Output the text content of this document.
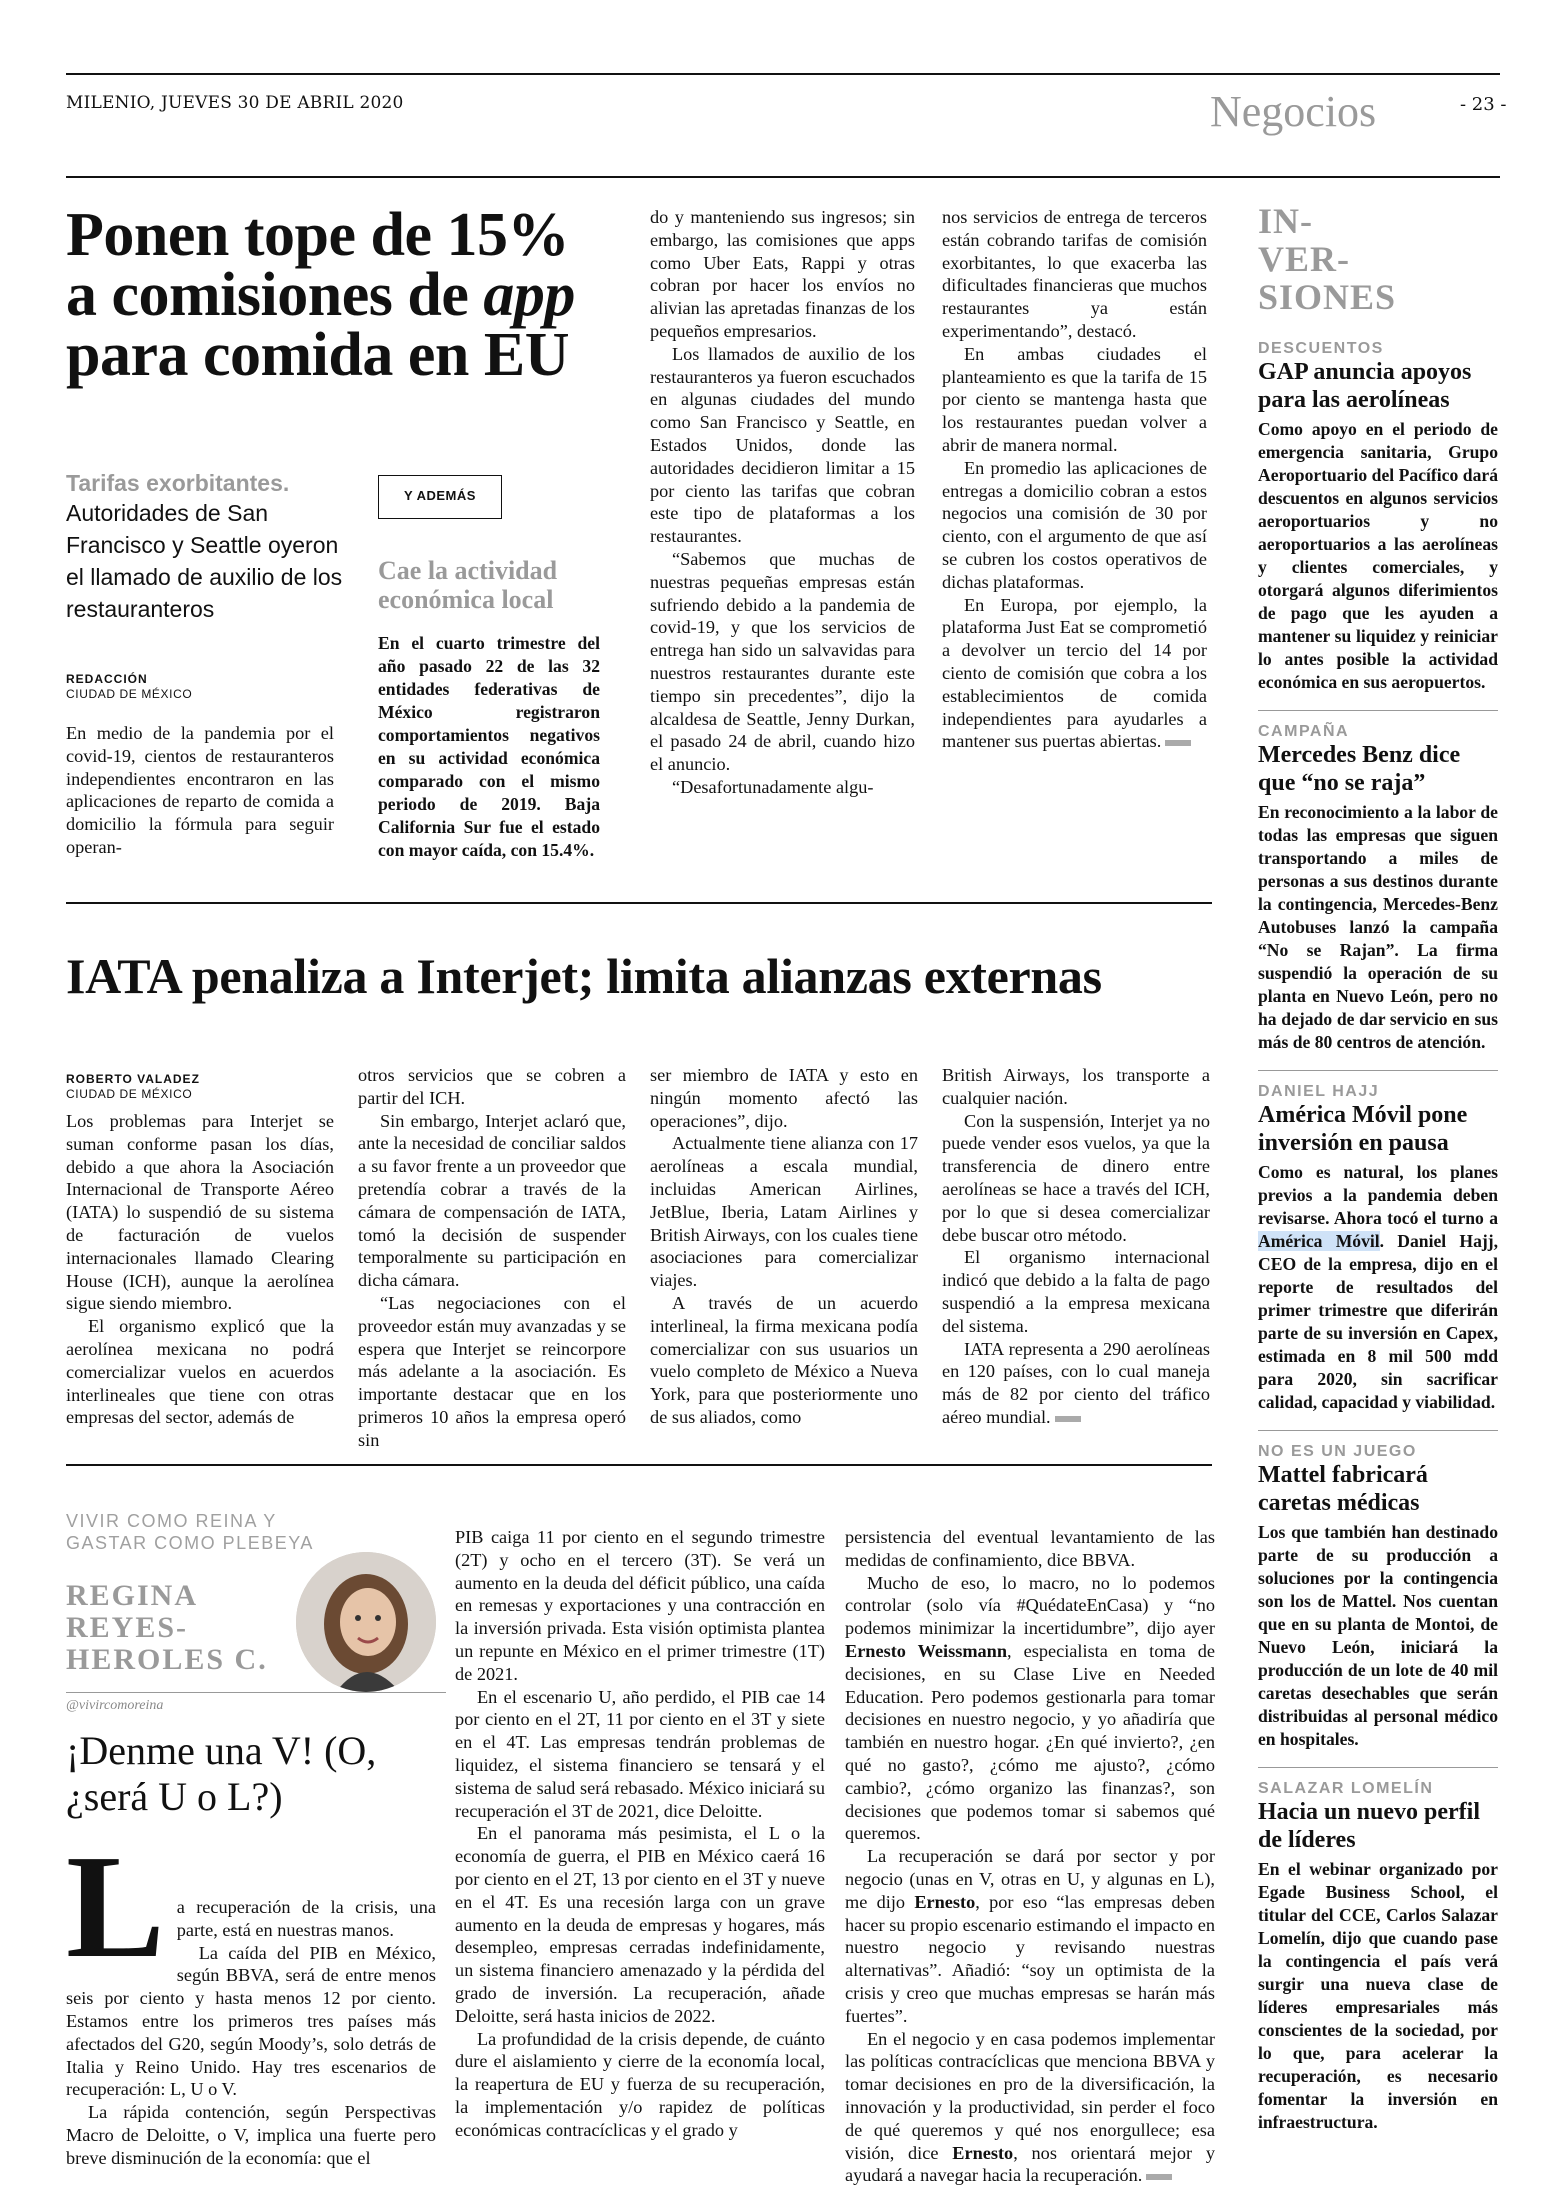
MILENIO, JUEVES 30 DE ABRIL 2020	Negocios	- 23 -
Ponen tope de 15%
a comisiones de app
para comida en EU
Tarifas exorbitantes.
Autoridades de San Francisco y Seattle oyeron el llamado de auxilio de los restauranteros
REDACCIÓN
CIUDAD DE MÉXICO

En medio de la pandemia por el covid-19, cientos de restauranteros independientes encontraron en las aplicaciones de reparto de comida a domicilio la fórmula para seguir operan-

Y ADEMÁS
Cae la actividad económica local
En el cuarto trimestre del año pasado 22 de las 32 entidades federativas de México registraron comportamientos negativos en su actividad económica comparado con el mismo periodo de 2019. Baja California Sur fue el estado con mayor caída, con 15.4%.

do y manteniendo sus ingresos; sin embargo, las comisiones que apps como Uber Eats, Rappi y otras cobran por hacer los envíos no alivian las apretadas finanzas de los pequeños empresarios.

Los llamados de auxilio de los restauranteros ya fueron escuchados en algunas ciudades del mundo como San Francisco y Seattle, en Estados Unidos, donde las autoridades decidieron limitar a 15 por ciento las tarifas que cobran este tipo de plataformas a los restaurantes.

“Sabemos que muchas de nuestras pequeñas empresas están sufriendo debido a la pandemia de covid-19, y que los servicios de entrega han sido un salvavidas para nuestros restaurantes durante este tiempo sin precedentes”, dijo la alcaldesa de Seattle, Jenny Durkan, el pasado 24 de abril, cuando hizo el anuncio.

“Desafortunadamente algu-

nos servicios de entrega de terceros están cobrando tarifas de comisión exorbitantes, lo que exacerba las dificultades financieras que muchos restaurantes ya están experimentando”, destacó.

En ambas ciudades el planteamiento es que la tarifa de 15 por ciento se mantenga hasta que los restaurantes puedan volver a abrir de manera normal.

En promedio las aplicaciones de entregas a domicilio cobran a estos negocios una comisión de 30 por ciento, con el argumento de que así se cubren los costos operativos de dichas plataformas.

En Europa, por ejemplo, la plataforma Just Eat se comprometió a devolver un tercio del 14 por ciento de comisión que cobra a los establecimientos de comida independientes para ayudarles a mantener sus puertas abiertas.

IATA penaliza a Interjet; limita alianzas externas
ROBERTO VALADEZ
CIUDAD DE MÉXICO

Los problemas para Interjet se suman conforme pasan los días, debido a que ahora la Asociación Internacional de Transporte Aéreo (IATA) lo suspendió de su sistema de facturación de vuelos internacionales llamado Clearing House (ICH), aunque la aerolínea sigue siendo miembro.

El organismo explicó que la aerolínea mexicana no podrá comercializar vuelos en acuerdos interlineales que tiene con otras empresas del sector, además de

otros servicios que se cobren a partir del ICH.

Sin embargo, Interjet aclaró que, ante la necesidad de conciliar saldos a su favor frente a un proveedor que pretendía cobrar a través de la cámara de compensación de IATA, tomó la decisión de suspender temporalmente su participación en dicha cámara.

“Las negociaciones con el proveedor están muy avanzadas y se espera que Interjet se reincorpore más adelante a la asociación. Es importante destacar que en los primeros 10 años la empresa operó sin

ser miembro de IATA y esto en ningún momento afectó las operaciones”, dijo.

Actualmente tiene alianza con 17 aerolíneas a escala mundial, incluidas American Airlines, JetBlue, Iberia, Latam Airlines y British Airways, con los cuales tiene asociaciones para comercializar viajes.

A través de un acuerdo interlineal, la firma mexicana podía comercializar con sus usuarios un vuelo completo de México a Nueva York, para que posteriormente uno de sus aliados, como

British Airways, los transporte a cualquier nación.

Con la suspensión, Interjet ya no puede vender esos vuelos, ya que la transferencia de dinero entre aerolíneas se hace a través del ICH, por lo que si desea comercializar debe buscar otro método.

El organismo internacional indicó que debido a la falta de pago suspendió a la empresa mexicana del sistema.

IATA representa a 290 aerolíneas en 120 países, con lo cual maneja más de 82 por ciento del tráfico aéreo mundial.

VIVIR COMO REINA Y
GASTAR COMO PLEBEYA
REGINA
REYES-
HEROLES C.
@vivircomoreina
¡Denme una V! (O,
¿será U o L?)
L a recuperación de la crisis, una parte, está en nuestras manos.

La caída del PIB en México, según BBVA, será de entre menos seis por ciento y hasta menos 12 por ciento. Estamos entre los primeros tres países más afectados del G20, según Moody’s, solo detrás de Italia y Reino Unido. Hay tres escenarios de recuperación: L, U o V.

La rápida contención, según Perspectivas Macro de Deloitte, o V, implica una fuerte pero breve disminución de la economía: que el

PIB caiga 11 por ciento en el segundo trimestre (2T) y ocho en el tercero (3T). Se verá un aumento en la deuda del déficit público, una caída en remesas y exportaciones y una contracción en la inversión privada. Esta visión optimista plantea un repunte en México en el primer trimestre (1T) de 2021.

En el escenario U, año perdido, el PIB cae 14 por ciento en el 2T, 11 por ciento en el 3T y siete en el 4T. Las empresas tendrán problemas de liquidez, el sistema financiero se tensará y el sistema de salud será rebasado. México iniciará su recuperación el 3T de 2021, dice Deloitte.

En el panorama más pesimista, el L o la economía de guerra, el PIB en México caerá 16 por ciento en el 2T, 13 por ciento en el 3T y nueve en el 4T. Es una recesión larga con un grave aumento en la deuda de empresas y hogares, más desempleo, empresas cerradas indefinidamente, un sistema financiero amenazado y la pérdida del grado de inversión. La recuperación, añade Deloitte, será hasta inicios de 2022.

La profundidad de la crisis depende, de cuánto dure el aislamiento y cierre de la economía local, la reapertura de EU y fuerza de su recuperación, la implementación y/o rapidez de políticas económicas contracíclicas y el grado y

persistencia del eventual levantamiento de las medidas de confinamiento, dice BBVA.

Mucho de eso, lo macro, no lo podemos controlar (solo vía #QuédateEnCasa) y “no podemos minimizar la incertidumbre”, dijo ayer Ernesto Weissmann, especialista en toma de decisiones, en su Clase Live en Needed Education. Pero podemos gestionarla para tomar decisiones en nuestro negocio, y yo añadiría que también en nuestro hogar. ¿En qué invierto?, ¿en qué no gasto?, ¿cómo me ajusto?, ¿cómo cambio?, ¿cómo organizo las finanzas?, son decisiones que podemos tomar si sabemos qué queremos.

La recuperación se dará por sector y por negocio (unas en V, otras en U, y algunas en L), me dijo Ernesto, por eso “las empresas deben hacer su propio escenario estimando el impacto en nuestro negocio y revisando nuestras alternativas”. Añadió: “soy un optimista de la crisis y creo que muchas empresas se harán más fuertes”.

En el negocio y en casa podemos implementar las políticas contracíclicas que menciona BBVA y tomar decisiones en pro de la diversificación, la innovación y la productividad, sin perder el foco de qué queremos y qué nos enorgullece; esa visión, dice Ernesto, nos orientará mejor y ayudará a navegar hacia la recuperación.

IN-
VER-
SIONES
DESCUENTOS
GAP anuncia apoyos para las aerolíneas
Como apoyo en el periodo de emergencia sanitaria, Grupo Aeroportuario del Pacífico dará descuentos en algunos servicios aeroportuarios y no aeroportuarios a las aerolíneas y clientes comerciales, y otorgará algunos diferimientos de pago que les ayuden a mantener su liquidez y reiniciar lo antes posible la actividad económica en sus aeropuertos.
CAMPAÑA
Mercedes Benz dice que “no se raja”
En reconocimiento a la labor de todas las empresas que siguen transportando a miles de personas a sus destinos durante la contingencia, Mercedes-Benz Autobuses lanzó la campaña “No se Rajan”. La firma suspendió la operación de su planta en Nuevo León, pero no ha dejado de dar servicio en sus más de 80 centros de atención.
DANIEL HAJJ
América Móvil pone inversión en pausa
Como es natural, los planes previos a la pandemia deben revisarse. Ahora tocó el turno a América Móvil. Daniel Hajj, CEO de la empresa, dijo en el reporte de resultados del primer trimestre que diferirán parte de su inversión en Capex, estimada en 8 mil 500 mdd para 2020, sin sacrificar calidad, capacidad y viabilidad.
NO ES UN JUEGO
Mattel fabricará caretas médicas
Los que también han destinado parte de su producción a soluciones por la contingencia son los de Mattel. Nos cuentan que en su planta de Montoi, de Nuevo León, iniciará la producción de un lote de 40 mil caretas desechables que serán distribuidas al personal médico en hospitales.
SALAZAR LOMELÍN
Hacia un nuevo perfil de líderes
En el webinar organizado por Egade Business School, el titular del CCE, Carlos Salazar Lomelín, dijo que cuando pase la contingencia el país verá surgir una nueva clase de líderes empresariales más conscientes de la sociedad, por lo que, para acelerar la recuperación, es necesario fomentar la inversión en infraestructura.
